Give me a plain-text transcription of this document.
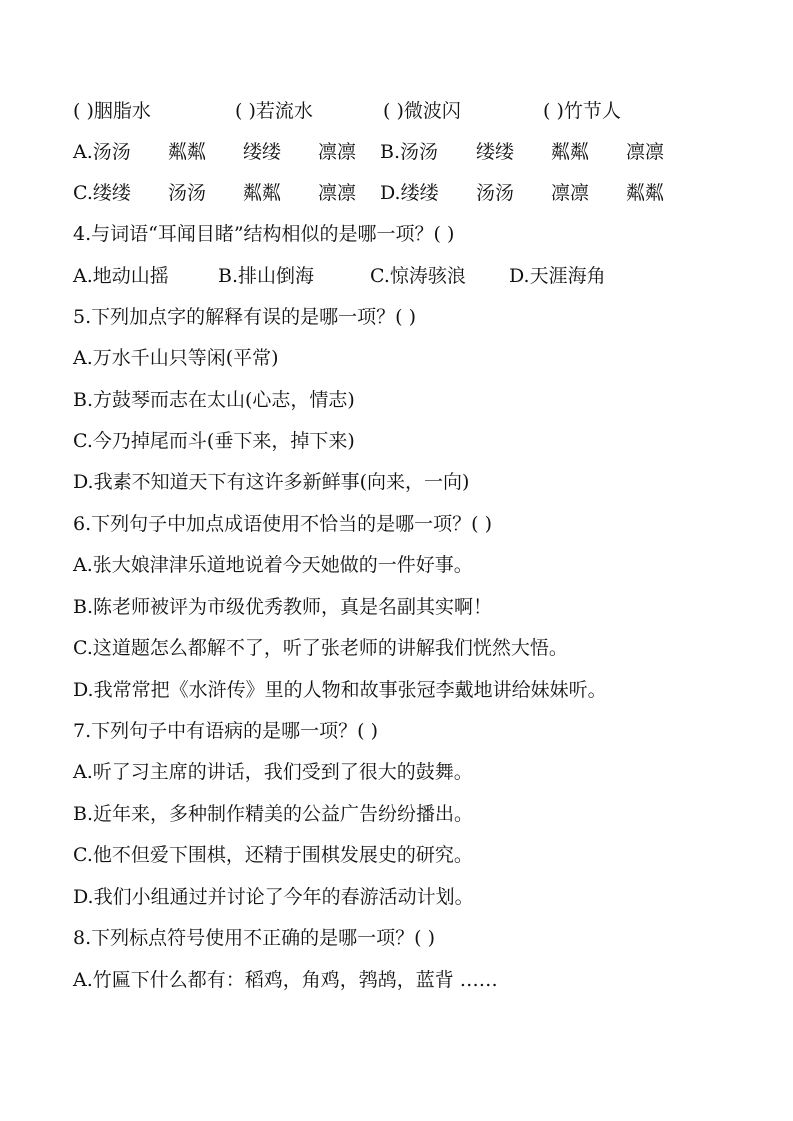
( )胭脂水	( )若流水	( )微波闪	( )竹节人
A.汤汤 粼粼 缕缕 凛凛 B.汤汤 缕缕 粼粼 凛凛
C.缕缕 汤汤 粼粼 凛凛 D.缕缕 汤汤 凛凛 粼粼
4.与词语“耳闻目睹”结构相似的是哪一项？( )
A.地动山摇	B.排山倒海	C.惊涛骇浪 D.天涯海角
5.下列加点字的解释有误的是哪一项？( )
A.万水千山只等闲(平常)
B.方鼓琴而志在太山(心志，情志)
C.今乃掉尾而斗(垂下来，掉下来)
D.我素不知道天下有这许多新鲜事(向来，一向)
6.下列句子中加点成语使用不恰当的是哪一项？( )
A.张大娘津津乐道地说着今天她做的一件好事。
B.陈老师被评为市级优秀教师，真是名副其实啊！
C.这道题怎么都解不了，听了张老师的讲解我们恍然大悟。
D.我常常把《水浒传》里的人物和故事张冠李戴地讲给妹妹听。
7.下列句子中有语病的是哪一项？( )
A.听了习主席的讲话，我们受到了很大的鼓舞。
B.近年来，多种制作精美的公益广告纷纷播出。
C.他不但爱下围棋，还精于围棋发展史的研究。
D.我们小组通过并讨论了今年的春游活动计划。
8.下列标点符号使用不正确的是哪一项？( )
A.竹匾下什么都有：稻鸡，角鸡，鹁鸪，蓝背 ……
